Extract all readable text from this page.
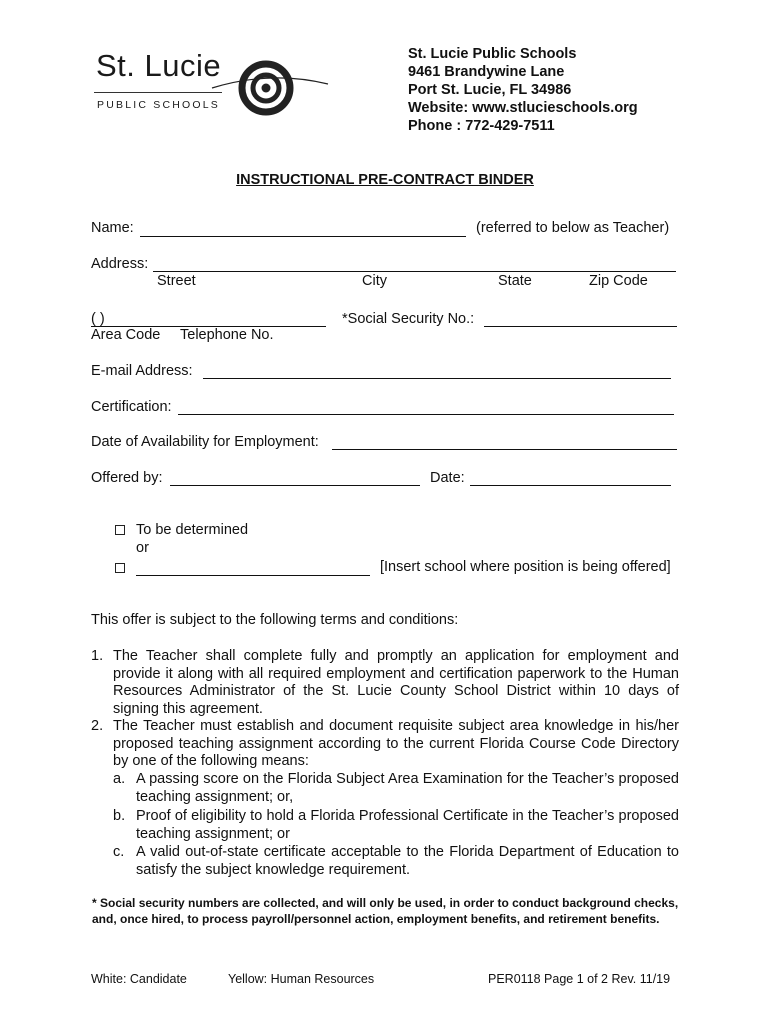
St. Lucie
PUBLIC SCHOOLS
St. Lucie Public Schools
9461 Brandywine Lane
Port St. Lucie, FL 34986
Website: www.stlucieschools.org
Phone : 772-429-7511
INSTRUCTIONAL PRE-CONTRACT BINDER
Name:	(referred to below as Teacher)
Address:
Street	City	State	Zip Code
( )
Area Code Telephone No.
*Social Security No.:
E-mail Address:
Certification:
Date of Availability for Employment:
Offered by:	Date:
To be determined
or
[Insert school where position is being offered]
This offer is subject to the following terms and conditions:
1. The Teacher shall complete fully and promptly an application for employment and provide it along with all required employment and certification paperwork to the Human Resources Administrator of the St. Lucie County School District within 10 days of signing this agreement.
2. The Teacher must establish and document requisite subject area knowledge in his/her proposed teaching assignment according to the current Florida Course Code Directory by one of the following means:
a. A passing score on the Florida Subject Area Examination for the Teacher’s proposed teaching assignment; or,
b. Proof of eligibility to hold a Florida Professional Certificate in the Teacher’s proposed teaching assignment; or
c. A valid out-of-state certificate acceptable to the Florida Department of Education to satisfy the subject knowledge requirement.
* Social security numbers are collected, and will only be used, in order to conduct background checks, and, once hired, to process payroll/personnel action, employment benefits, and retirement benefits.
White: Candidate	Yellow: Human Resources	PER0118 Page 1 of 2 Rev. 11/19
